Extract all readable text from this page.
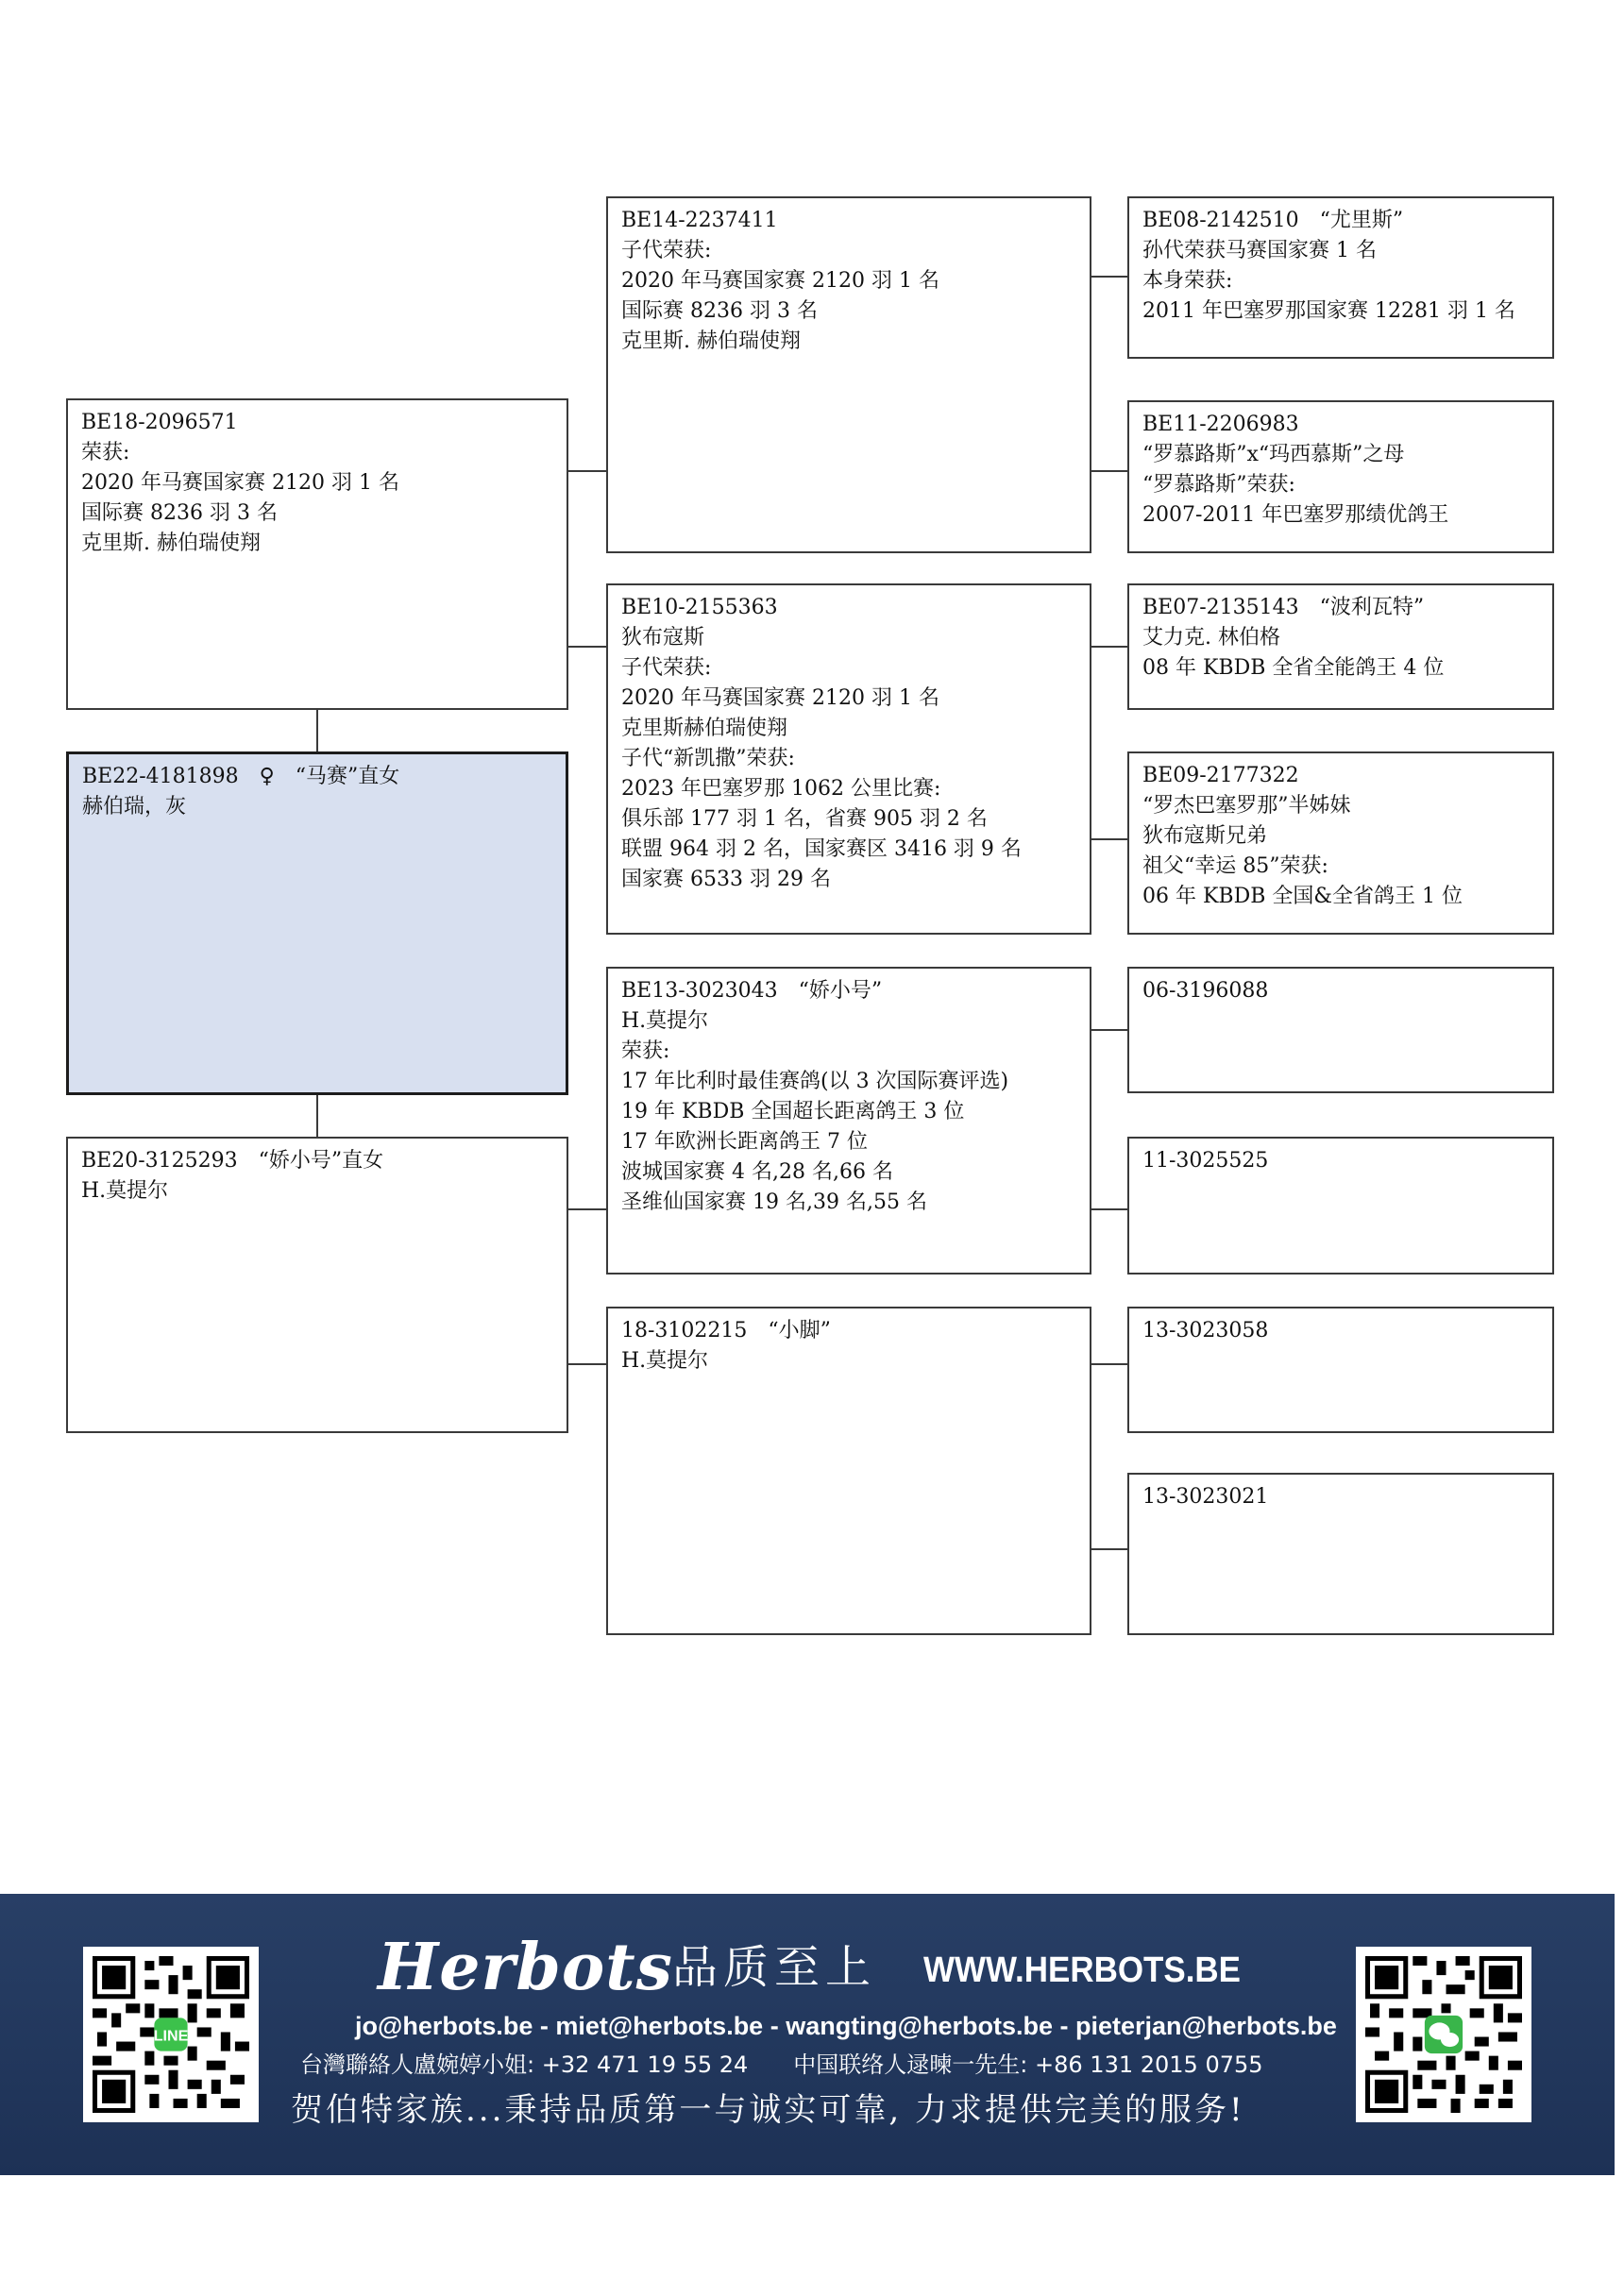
BE18-2096571
荣获:
2020 年马赛国家赛 2120 羽 1 名
国际赛 8236 羽 3 名
克里斯. 赫伯瑞使翔
BE22-4181898　♀　“马赛”直女
赫伯瑞，灰
BE20-3125293　“娇小号”直女
H.莫提尔
BE14-2237411
子代荣获:
2020 年马赛国家赛 2120 羽 1 名
国际赛 8236 羽 3 名
克里斯. 赫伯瑞使翔
BE10-2155363
狄布寇斯
子代荣获:
2020 年马赛国家赛 2120 羽 1 名
克里斯赫伯瑞使翔
子代“新凯撒”荣获:
2023 年巴塞罗那 1062 公里比赛:
俱乐部 177 羽 1 名，省赛 905 羽 2 名
联盟 964 羽 2 名，国家赛区 3416 羽 9 名
国家赛 6533 羽 29 名
BE13-3023043　“娇小号”
H.莫提尔
荣获:
17 年比利时最佳赛鸽(以 3 次国际赛评选)
19 年 KBDB 全国超长距离鸽王 3 位
17 年欧洲长距离鸽王 7 位
波城国家赛 4 名,28 名,66 名
圣维仙国家赛 19 名,39 名,55 名
18-3102215　“小脚”
H.莫提尔
BE08-2142510　“尤里斯”
孙代荣获马赛国家赛 1 名
本身荣获:
2011 年巴塞罗那国家赛 12281 羽 1 名
BE11-2206983
“罗慕路斯”x“玛西慕斯”之母
“罗慕路斯”荣获:
2007-2011 年巴塞罗那绩优鸽王
BE07-2135143　“波利瓦特”
艾力克. 林伯格
08 年 KBDB 全省全能鸽王 4 位
BE09-2177322
“罗杰巴塞罗那”半姊妹
狄布寇斯兄弟
祖父“幸运 85”荣获:
06 年 KBDB 全国&全省鸽王 1 位
06-3196088
11-3025525
13-3023058
13-3023021
LINE
Herbots 品质至上 WWW.HERBOTS.BE
jo@herbots.be - miet@herbots.be - wangting@herbots.be - pieterjan@herbots.be
台灣聯絡人盧婉婷小姐: +32 471 19 55 24　　中国联络人逯暕一先生: +86 131 2015 0755
贺伯特家族...秉持品质第一与诚实可靠, 力求提供完美的服务!
